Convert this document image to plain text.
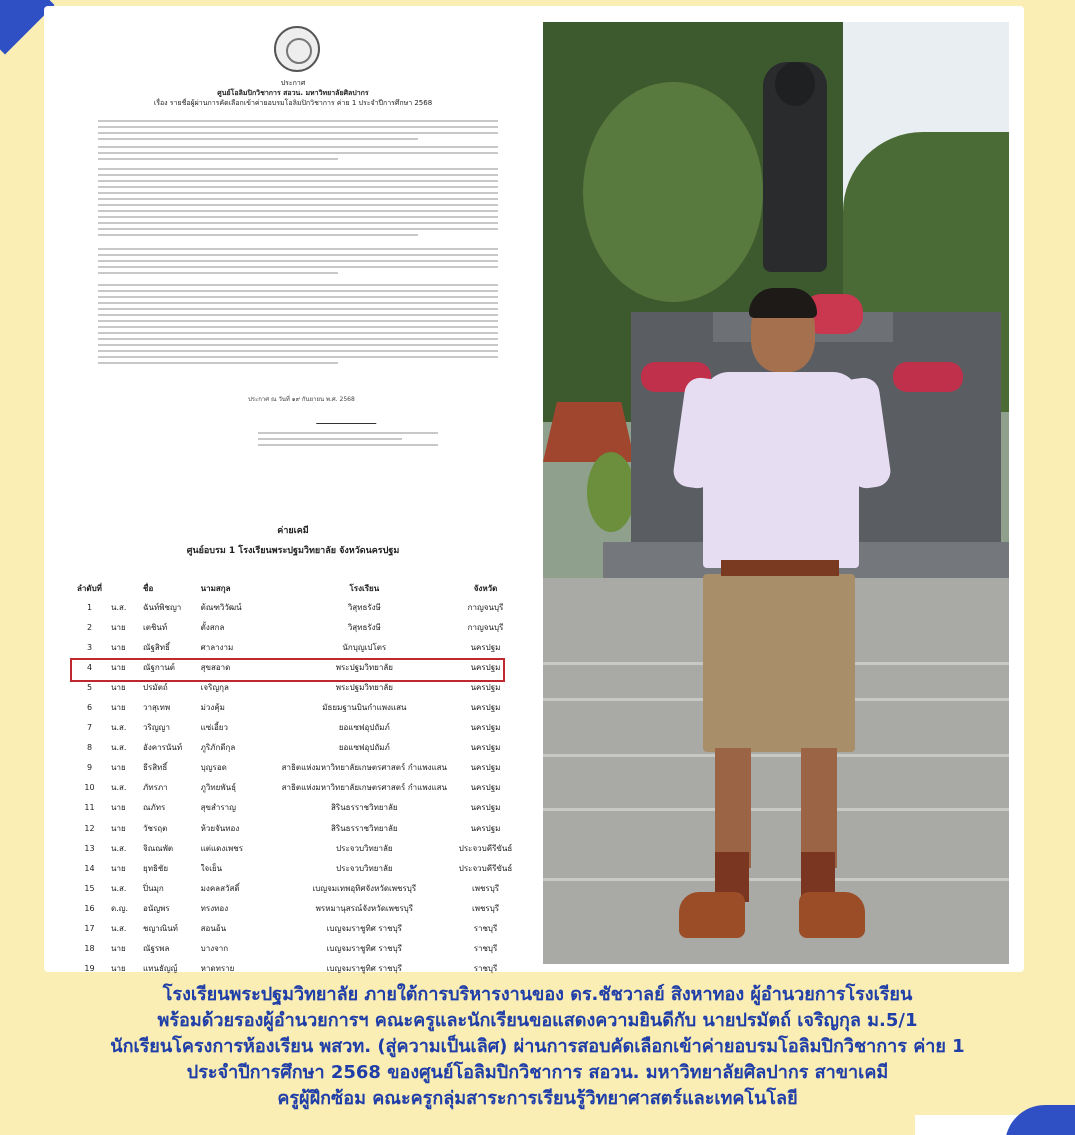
ประกาศ
ศูนย์โอลิมปิกวิชาการ สอวน. มหาวิทยาลัยศิลปากร
เรื่อง รายชื่อผู้ผ่านการคัดเลือกเข้าค่ายอบรมโอลิมปิกวิชาการ ค่าย 1 ประจำปีการศึกษา 2568
ประกาศ ณ วันที่ ๑๙ กันยายน พ.ศ. 2568
ค่ายเคมี
ศูนย์อบรม 1 โรงเรียนพระปฐมวิทยาลัย จังหวัดนครปฐม
ลำดับที่		ชื่อ	นามสกุล	โรงเรียน	จังหวัด
1	น.ส.	ฉันท์พิชญา	ต้ณฑวิวัฒน์	วิสุทธรังษี	กาญจนบุรี
2	นาย	เตชินท์	ตั้งสกล	วิสุทธรังษี	กาญจนบุรี
3	นาย	ณัฐสิทธิ์	ศาลางาม	นักบุญเปโตร	นครปฐม
4	นาย	ณัฐกานต์	สุขสอาด	พระปฐมวิทยาลัย	นครปฐม
5	นาย	ปรมัตถ์	เจริญกุล	พระปฐมวิทยาลัย	นครปฐม
6	นาย	วาสุเทพ	ม่วงคุ้ม	มัธยมฐานบินกำแพงแสน	นครปฐม
7	น.ส.	วริญญา	แซ่เอี้ยว	ยอแซฟอุปถัมภ์	นครปฐม
8	น.ส.	อังคารนันท์	ภูริภักดีกุล	ยอแซฟอุปถัมภ์	นครปฐม
9	นาย	ธีรสิทธิ์	บุญรอด	สาธิตแห่งมหาวิทยาลัยเกษตรศาสตร์ กำแพงแสน	นครปฐม
10	น.ส.	ภัทรภา	ภูวิทยพันธุ์	สาธิตแห่งมหาวิทยาลัยเกษตรศาสตร์ กำแพงแสน	นครปฐม
11	นาย	ณภัทร	สุขสำราญ	สิรินธรราชวิทยาลัย	นครปฐม
12	นาย	วัชรฤต	ห้วยจันทอง	สิรินธรราชวิทยาลัย	นครปฐม
13	น.ส.	จิณณพัต	แต่แดงเพชร	ประจวบวิทยาลัย	ประจวบคีรีขันธ์
14	นาย	ยุทธิชัย	ใจเย็น	ประจวบวิทยาลัย	ประจวบคีรีขันธ์
15	น.ส.	ปิ่นมุก	มงคลสวัสดิ์	เบญจมเทพอุทิศจังหวัดเพชรบุรี	เพชรบุรี
16	ด.ญ.	อนัญพร	ทรงทอง	พรหมานุสรณ์จังหวัดเพชรบุรี	เพชรบุรี
17	น.ส.	ชญาณินท์	สอนอ้น	เบญจมราชูทิศ ราชบุรี	ราชบุรี
18	นาย	ณัฐรพล	บางจาก	เบญจมราชูทิศ ราชบุรี	ราชบุรี
19	นาย	แทนธัญญ์	หาดทราย	เบญจมราชูทิศ ราชบุรี	ราชบุรี
โรงเรียนพระปฐมวิทยาลัย ภายใต้การบริหารงานของ ดร.ชัชวาลย์ สิงหาทอง ผู้อำนวยการโรงเรียน
พร้อมด้วยรองผู้อำนวยการฯ คณะครูและนักเรียนขอแสดงความยินดีกับ นายปรมัตถ์ เจริญกุล ม.5/1
นักเรียนโครงการห้องเรียน พสวท. (สู่ความเป็นเลิศ) ผ่านการสอบคัดเลือกเข้าค่ายอบรมโอลิมปิกวิชาการ ค่าย 1
ประจำปีการศึกษา 2568 ของศูนย์โอลิมปิกวิชาการ สอวน. มหาวิทยาลัยศิลปากร สาขาเคมี
ครูผู้ฝึกซ้อม คณะครูกลุ่มสาระการเรียนรู้วิทยาศาสตร์และเทคโนโลยี
